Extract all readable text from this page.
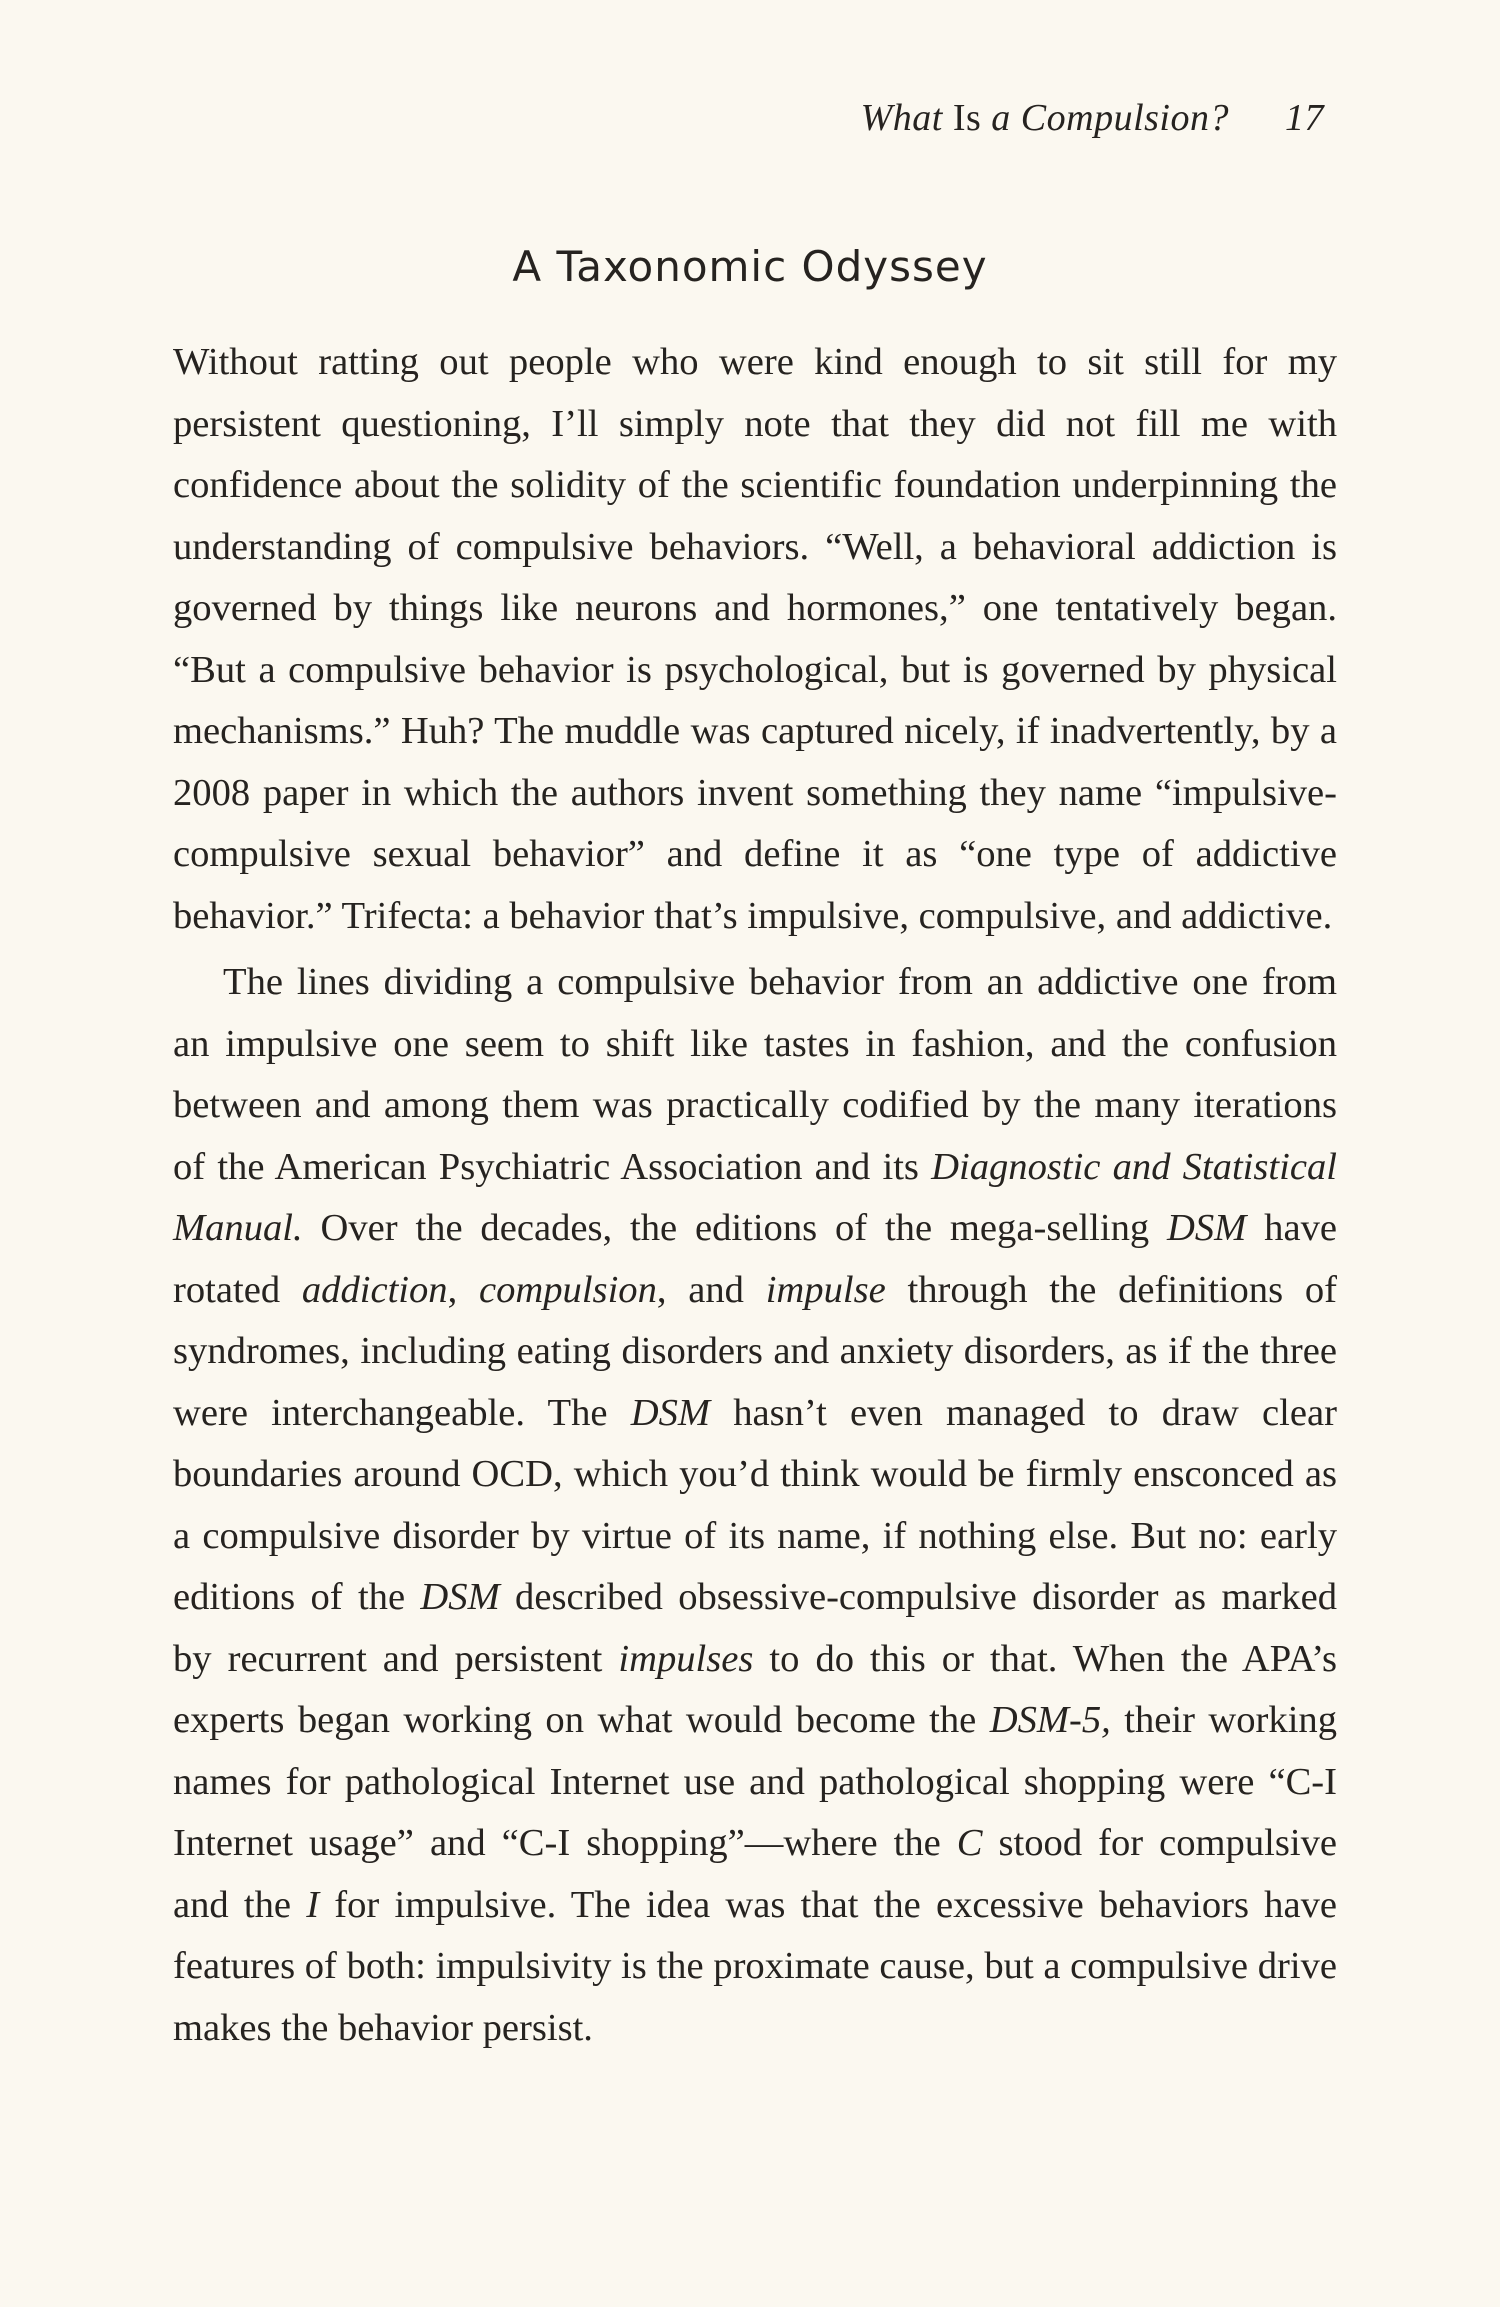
What Is a Compulsion? 17
A Taxonomic Odyssey

Without ratting out people who were kind enough to sit still for my persistent questioning, I’ll simply note that they did not fill me with confidence about the solidity of the scientific foundation underpinning the understanding of compulsive behaviors. “Well, a behavioral addiction is governed by things like neurons and hormones,” one tentatively began. “But a compulsive behavior is psychological, but is governed by physical mechanisms.” Huh? The muddle was captured nicely, if inadvertently, by a 2008 paper in which the authors invent something they name “impulsive-compulsive sexual behavior” and define it as “one type of addictive behavior.” Trifecta: a behavior that’s impulsive, compulsive, and addictive.

The lines dividing a compulsive behavior from an addictive one from an impulsive one seem to shift like tastes in fashion, and the confusion between and among them was practically codified by the many iterations of the American Psychiatric Association and its Diagnostic and Statistical Manual. Over the decades, the editions of the mega-selling DSM have rotated addiction, compulsion, and impulse through the definitions of syndromes, including eating disorders and anxiety disorders, as if the three were interchangeable. The DSM hasn’t even managed to draw clear boundaries around OCD, which you’d think would be firmly ensconced as a compulsive disorder by virtue of its name, if nothing else. But no: early editions of the DSM described obsessive-compulsive disorder as marked by recurrent and persistent impulses to do this or that. When the APA’s experts began working on what would become the DSM-5, their working names for pathological Internet use and pathological shopping were “C-I Internet usage” and “C-I shopping”—where the C stood for compulsive and the I for impulsive. The idea was that the excessive behaviors have features of both: impulsivity is the proximate cause, but a compulsive drive makes the behavior persist.
